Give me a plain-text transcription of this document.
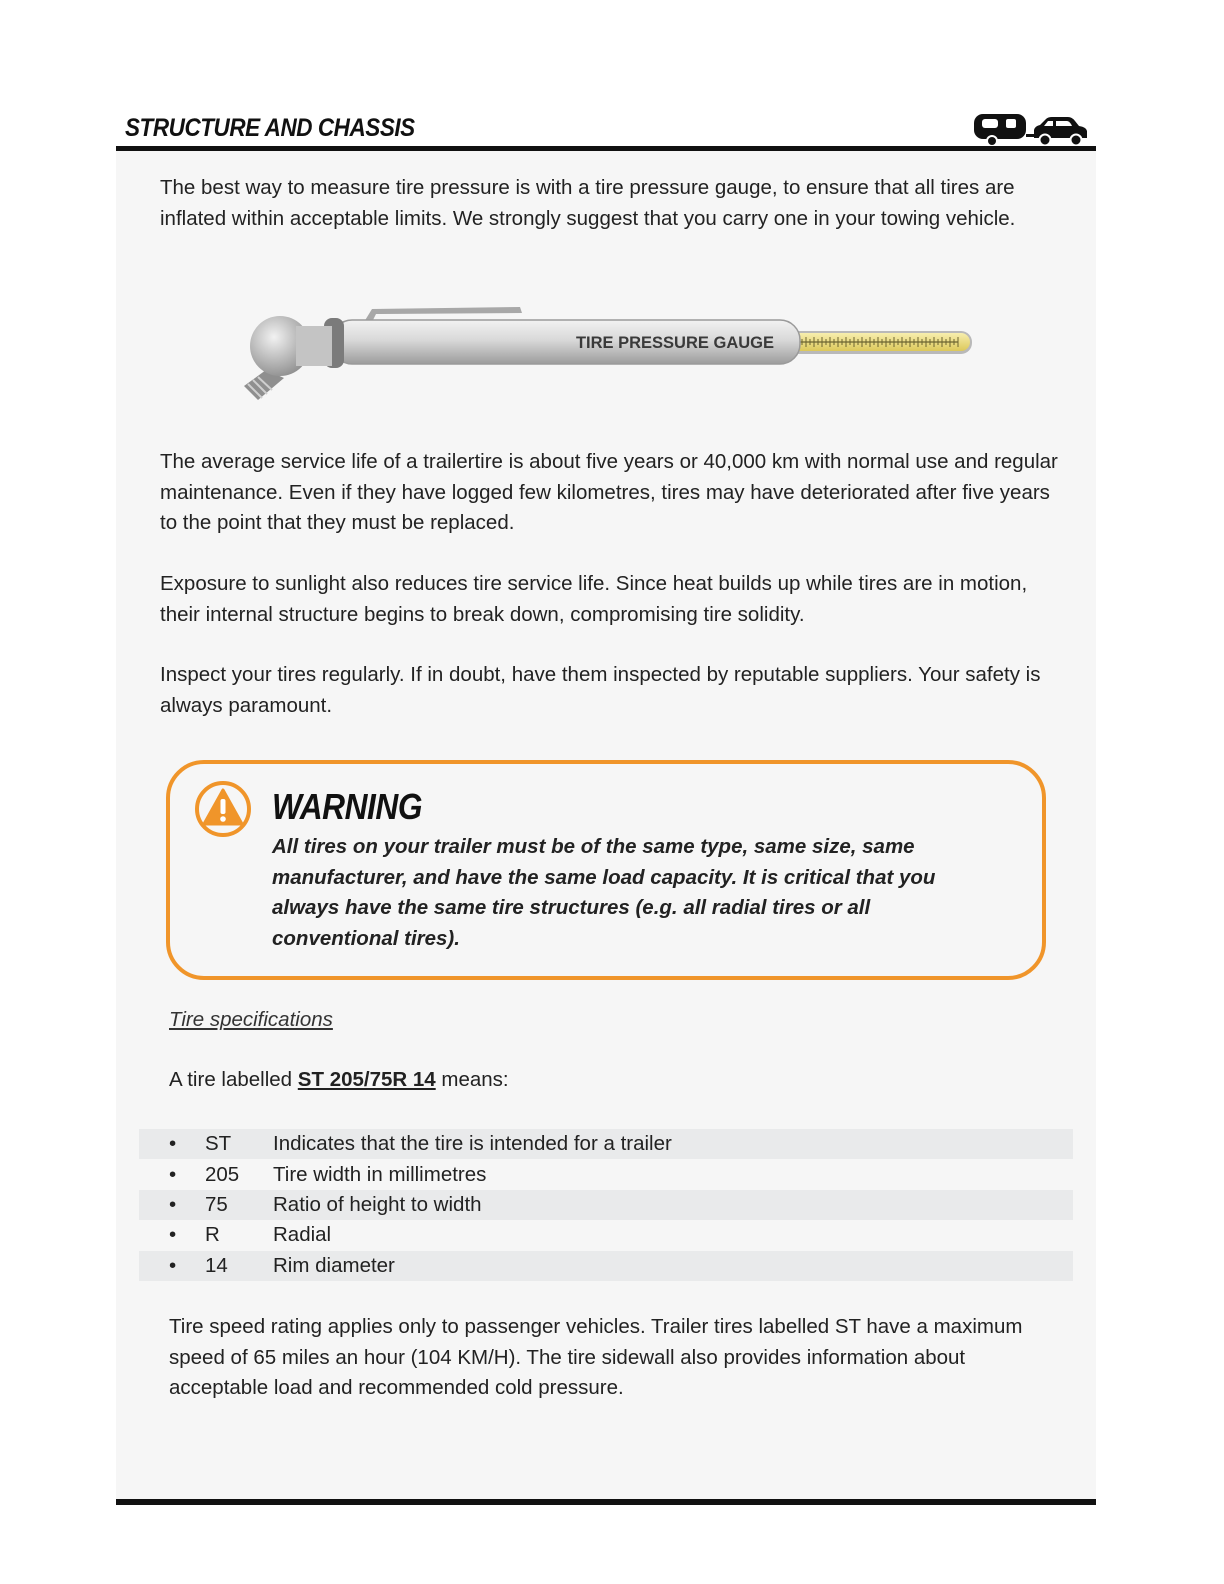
STRUCTURE AND CHASSIS

The best way to measure tire pressure is with a tire pressure gauge, to ensure that all tires are inflated within acceptable limits. We strongly suggest that you carry one in your towing vehicle.

TIRE PRESSURE GAUGE

The average service life of a trailertire is about five years or 40,000 km with normal use and regular maintenance. Even if they have logged few kilometres, tires may have deteriorated after five years to the point that they must be replaced.

Exposure to sunlight also reduces tire service life. Since heat builds up while tires are in motion, their internal structure begins to break down, compromising tire solidity.

Inspect your tires regularly. If in doubt, have them inspected by reputable suppliers. Your safety is always paramount.

WARNING

All tires on your trailer must be of the same type, same size, same manufacturer, and have the same load capacity. It is critical that you always have the same tire structures (e.g. all radial tires or all conventional tires).

Tire specifications
A tire labelled ST 205/75R 14 means:
•	ST	Indicates that the tire is intended for a trailer
•	205	Tire width in millimetres
•	75	Ratio of height to width
•	R	Radial
•	14	Rim diameter

Tire speed rating applies only to passenger vehicles. Trailer tires labelled ST have a maximum speed of 65 miles an hour (104 KM/H). The tire sidewall also provides information about acceptable load and recommended cold pressure.
